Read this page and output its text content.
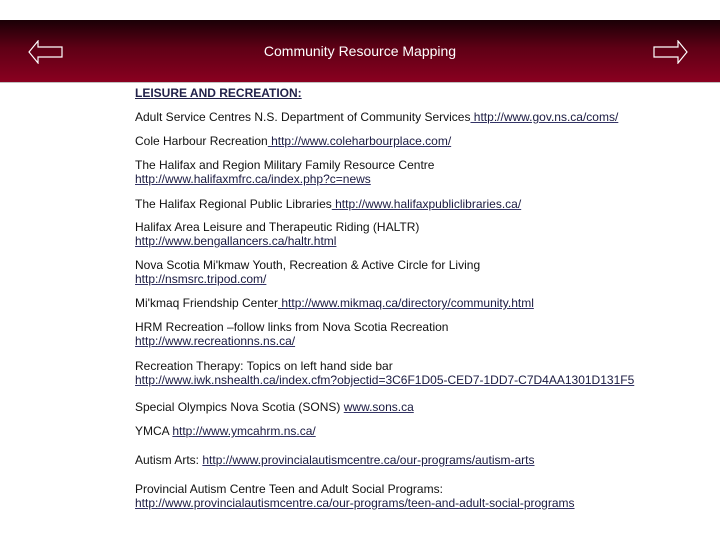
Community Resource Mapping
LEISURE AND RECREATION:
Adult Service Centres N.S. Department of Community Services http://www.gov.ns.ca/coms/
Cole Harbour Recreation http://www.coleharbourplace.com/
The Halifax and Region Military Family Resource Centre
http://www.halifaxmfrc.ca/index.php?c=news
The Halifax Regional Public Libraries http://www.halifaxpubliclibraries.ca/
Halifax Area Leisure and Therapeutic Riding (HALTR)
http://www.bengallancers.ca/haltr.html
Nova Scotia Mi'kmaw Youth, Recreation & Active Circle for Living
http://nsmsrc.tripod.com/
Mi'kmaq Friendship Center http://www.mikmaq.ca/directory/community.html
HRM Recreation –follow links from Nova Scotia Recreation
http://www.recreationns.ns.ca/
Recreation Therapy: Topics on left hand side bar
http://www.iwk.nshealth.ca/index.cfm?objectid=3C6F1D05-CED7-1DD7-C7D4AA1301D131F5
Special Olympics Nova Scotia (SONS) www.sons.ca
YMCA http://www.ymcahrm.ns.ca/
Autism Arts: http://www.provincialautismcentre.ca/our-programs/autism-arts
Provincial Autism Centre Teen and Adult Social Programs:
http://www.provincialautismcentre.ca/our-programs/teen-and-adult-social-programs
